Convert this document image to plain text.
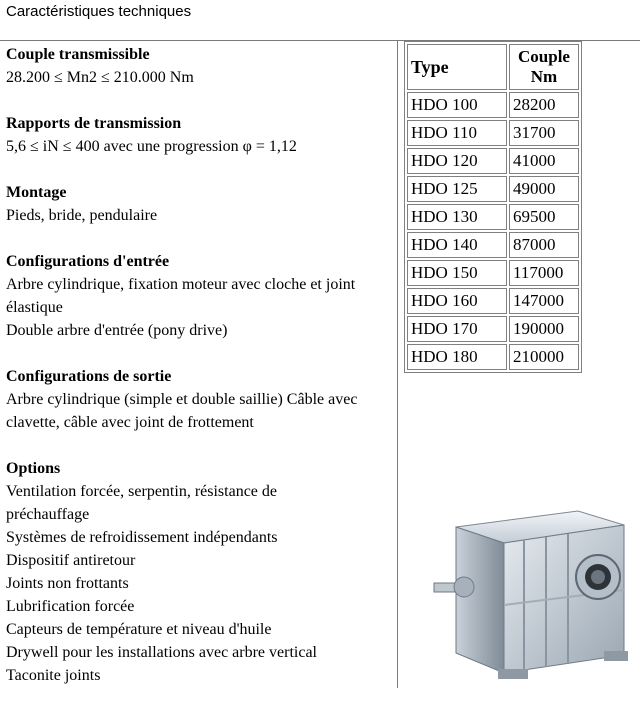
Caractéristiques techniques
Couple transmissible
28.200 ≤ Mn2 ≤ 210.000 Nm
Rapports de transmission
5,6 ≤ iN ≤ 400 avec une progression φ = 1,12
Montage
Pieds, bride, pendulaire
Configurations d'entrée
Arbre cylindrique, fixation moteur avec cloche et joint
élastique
Double arbre d'entrée (pony drive)
Configurations de sortie
Arbre cylindrique (simple et double saillie) Câble avec
clavette, câble avec joint de frottement
Options
Ventilation forcée, serpentin, résistance de
préchauffage
Systèmes de refroidissement indépendants
Dispositif antiretour
Joints non frottants
Lubrification forcée
Capteurs de température et niveau d'huile
Drywell pour les installations avec arbre vertical
Taconite joints
Type	Couple
Nm
HDO 100	28200
HDO 110	31700
HDO 120	41000
HDO 125	49000
HDO 130	69500
HDO 140	87000
HDO 150	117000
HDO 160	147000
HDO 170	190000
HDO 180	210000
